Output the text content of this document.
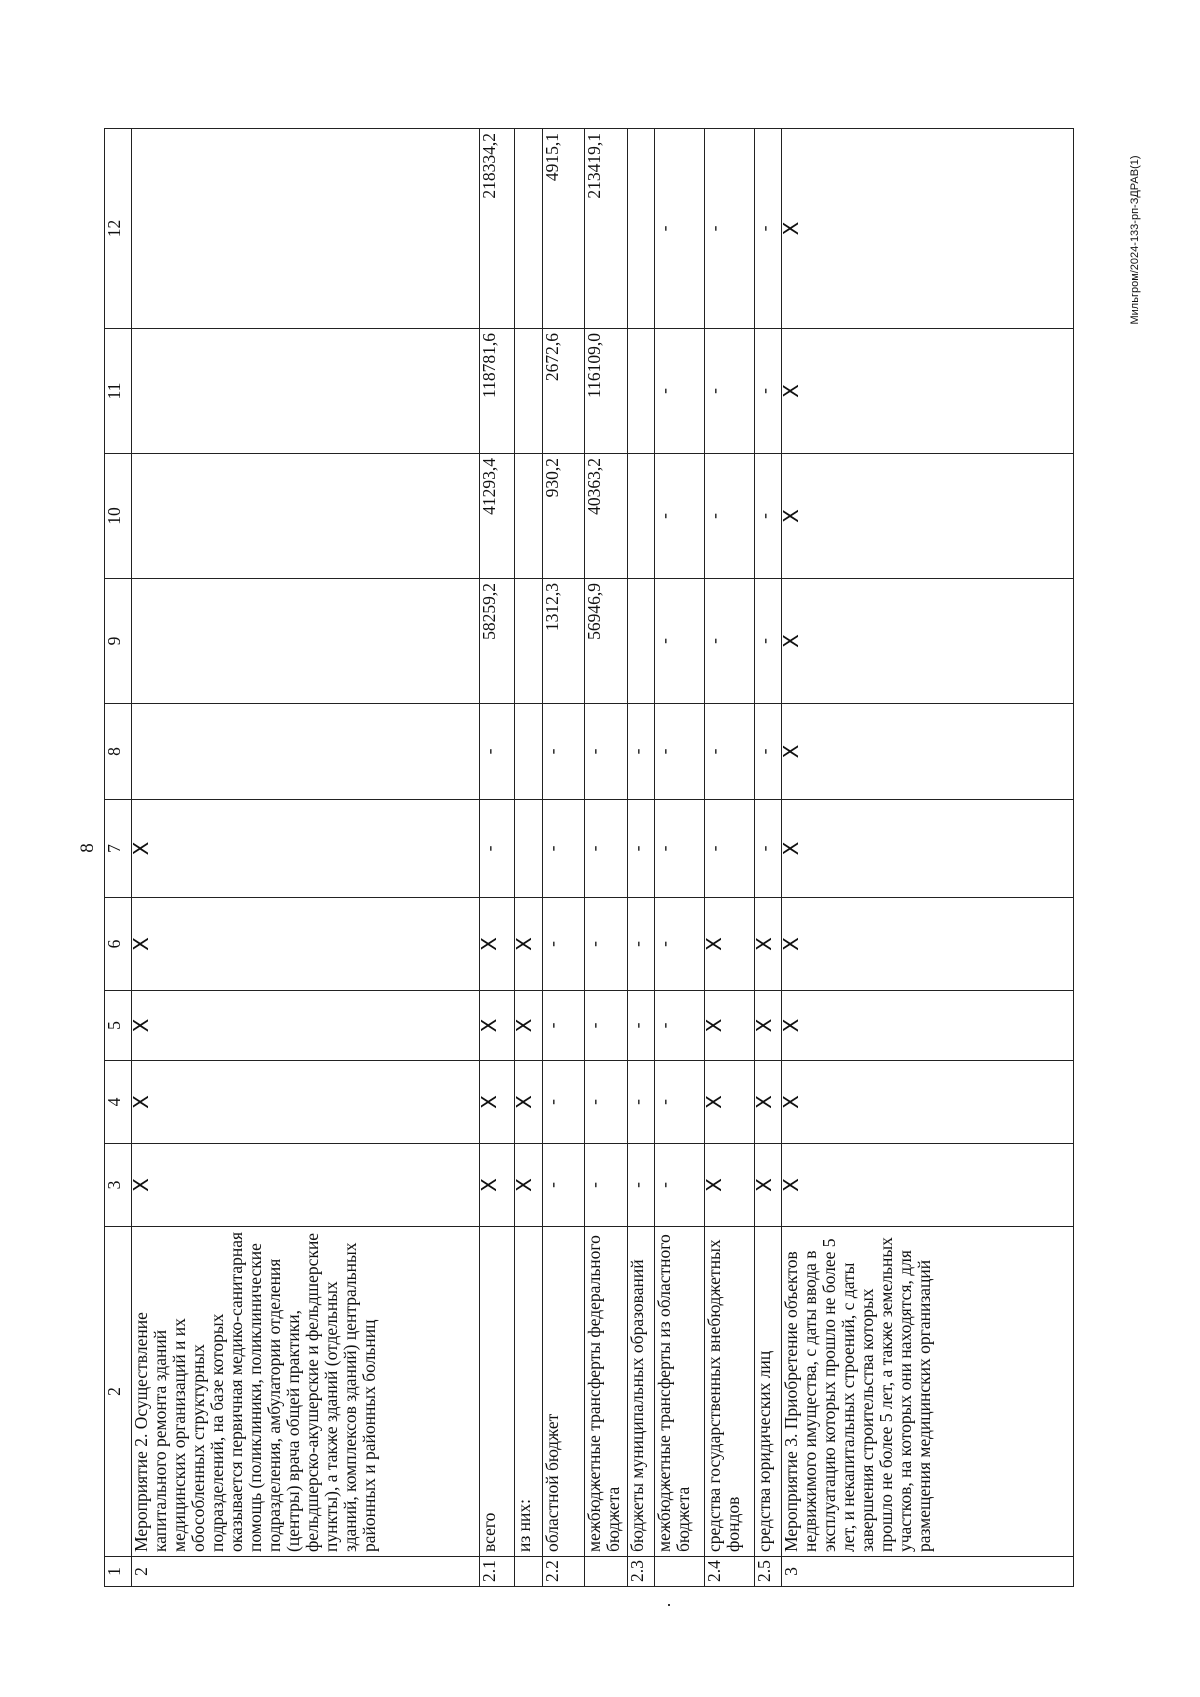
8
Мильгром/2024-133-рп-ЗДРАВ(1)
1	2	3	4	5	6	7	8	9	10	11	12
2	Мероприятие 2. Осуществление капитального ремонта зданий медицинских организаций и их обособленных структурных подразделений, на базе которых оказывается первичная медико-санитарная помощь (поликлиники, поликлинические подразделения, амбулатории отделения (центры) врача общей практики, фельдшерско-акушерские и фельдшерские пункты), а также зданий (отдельных зданий, комплексов зданий) центральных районных и районных больниц	Х	Х	Х	Х	Х					
2.1	всего	Х	Х	Х	Х	-	-	58259,2	41293,4	118781,6	218334,2
	из них:	Х	Х	Х	Х						
2.2	областной бюджет	-	-	-	-	-	-	1312,3	930,2	2672,6	4915,1
	межбюджетные трансферты федерального бюджета	-	-	-	-	-	-	56946,9	40363,2	116109,0	213419,1
2.3	бюджеты муниципальных образований	-	-	-	-	-	-				
	межбюджетные трансферты из областного бюджета	-	-	-	-	-	-	-	-	-	-
2.4	средства государственных внебюджетных фондов	Х	Х	Х	Х	-	-	-	-	-	-
2.5	средства юридических лиц	Х	Х	Х	Х	-	-	-	-	-	-
3	Мероприятие 3. Приобретение объектов недвижимого имущества, с даты ввода в эксплуатацию которых прошло не более 5 лет, и некапитальных строений, с даты завершения строительства которых прошло не более 5 лет, а также земельных участков, на которых они находятся, для размещения медицинских организаций	Х	Х	Х	Х	Х	Х	Х	Х	Х	Х
